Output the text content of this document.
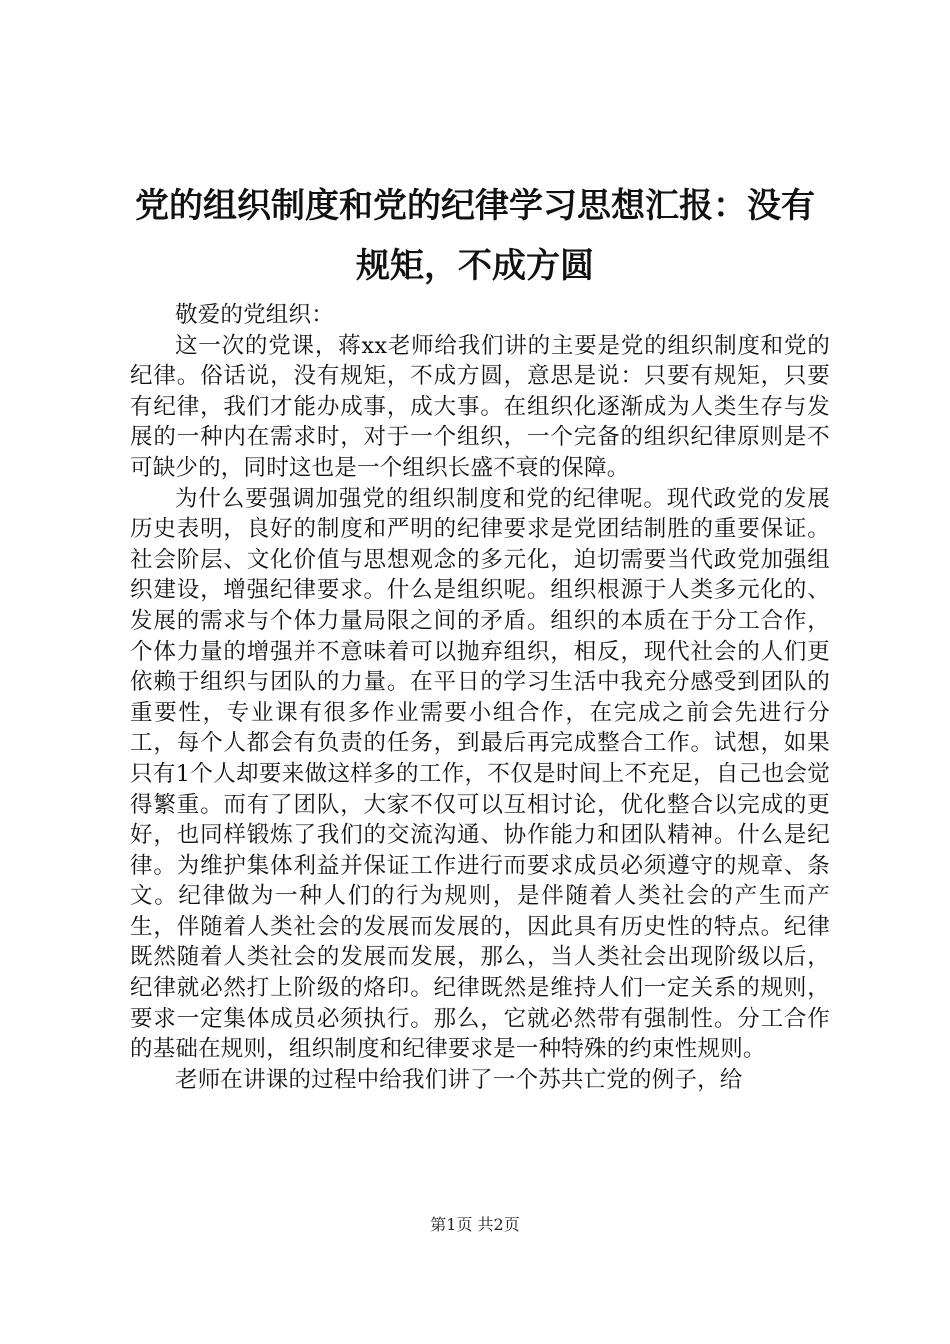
党的组织制度和党的纪律学习思想汇报：没有
规矩，不成方圆

敬爱的党组织：

这一次的党课，蒋xx老师给我们讲的主要是党的组织制度和党的纪律。俗话说，没有规矩，不成方圆，意思是说：只要有规矩，只要有纪律，我们才能办成事，成大事。在组织化逐渐成为人类生存与发展的一种内在需求时，对于一个组织，一个完备的组织纪律原则是不可缺少的，同时这也是一个组织长盛不衰的保障。

为什么要强调加强党的组织制度和党的纪律呢。现代政党的发展历史表明，良好的制度和严明的纪律要求是党团结制胜的重要保证。社会阶层、文化价值与思想观念的多元化，迫切需要当代政党加强组织建设，增强纪律要求。什么是组织呢。组织根源于人类多元化的、发展的需求与个体力量局限之间的矛盾。组织的本质在于分工合作，个体力量的增强并不意味着可以抛弃组织，相反，现代社会的人们更依赖于组织与团队的力量。在平日的学习生活中我充分感受到团队的重要性，专业课有很多作业需要小组合作，在完成之前会先进行分工，每个人都会有负责的任务，到最后再完成整合工作。试想，如果只有1个人却要来做这样多的工作，不仅是时间上不充足，自己也会觉得繁重。而有了团队，大家不仅可以互相讨论，优化整合以完成的更好，也同样锻炼了我们的交流沟通、协作能力和团队精神。什么是纪律。为维护集体利益并保证工作进行而要求成员必须遵守的规章、条文。纪律做为一种人们的行为规则，是伴随着人类社会的产生而产生，伴随着人类社会的发展而发展的，因此具有历史性的特点。纪律既然随着人类社会的发展而发展，那么，当人类社会出现阶级以后，纪律就必然打上阶级的烙印。纪律既然是维持人们一定关系的规则，要求一定集体成员必须执行。那么，它就必然带有强制性。分工合作的基础在规则，组织制度和纪律要求是一种特殊的约束性规则。

老师在讲课的过程中给我们讲了一个苏共亡党的例子，给

第1页 共2页
